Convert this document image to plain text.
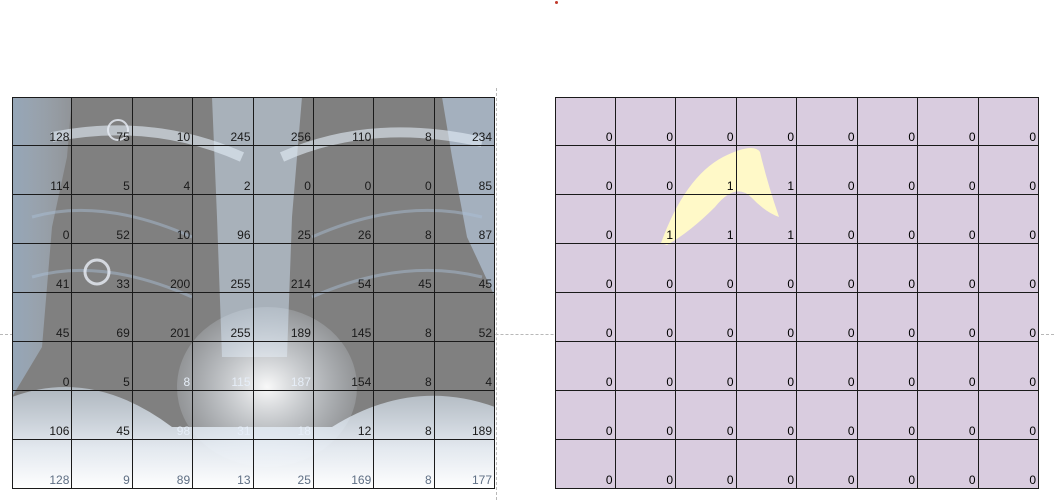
128	75	10	245	256	110	8	234
114	5	4	2	0	0	0	85
0	52	10	96	25	26	8	87
41	33	200	255	214	54	45	45
45	69	201	255	189	145	8	52
0	5	8	115	187	154	8	4
106	45	98	31	18	12	8	189
128	9	89	13	25	169	8	177
0	0	0	0	0	0	0	0
0	0	1	1	0	0	0	0
0	1	1	1	0	0	0	0
0	0	0	0	0	0	0	0
0	0	0	0	0	0	0	0
0	0	0	0	0	0	0	0
0	0	0	0	0	0	0	0
0	0	0	0	0	0	0	0
